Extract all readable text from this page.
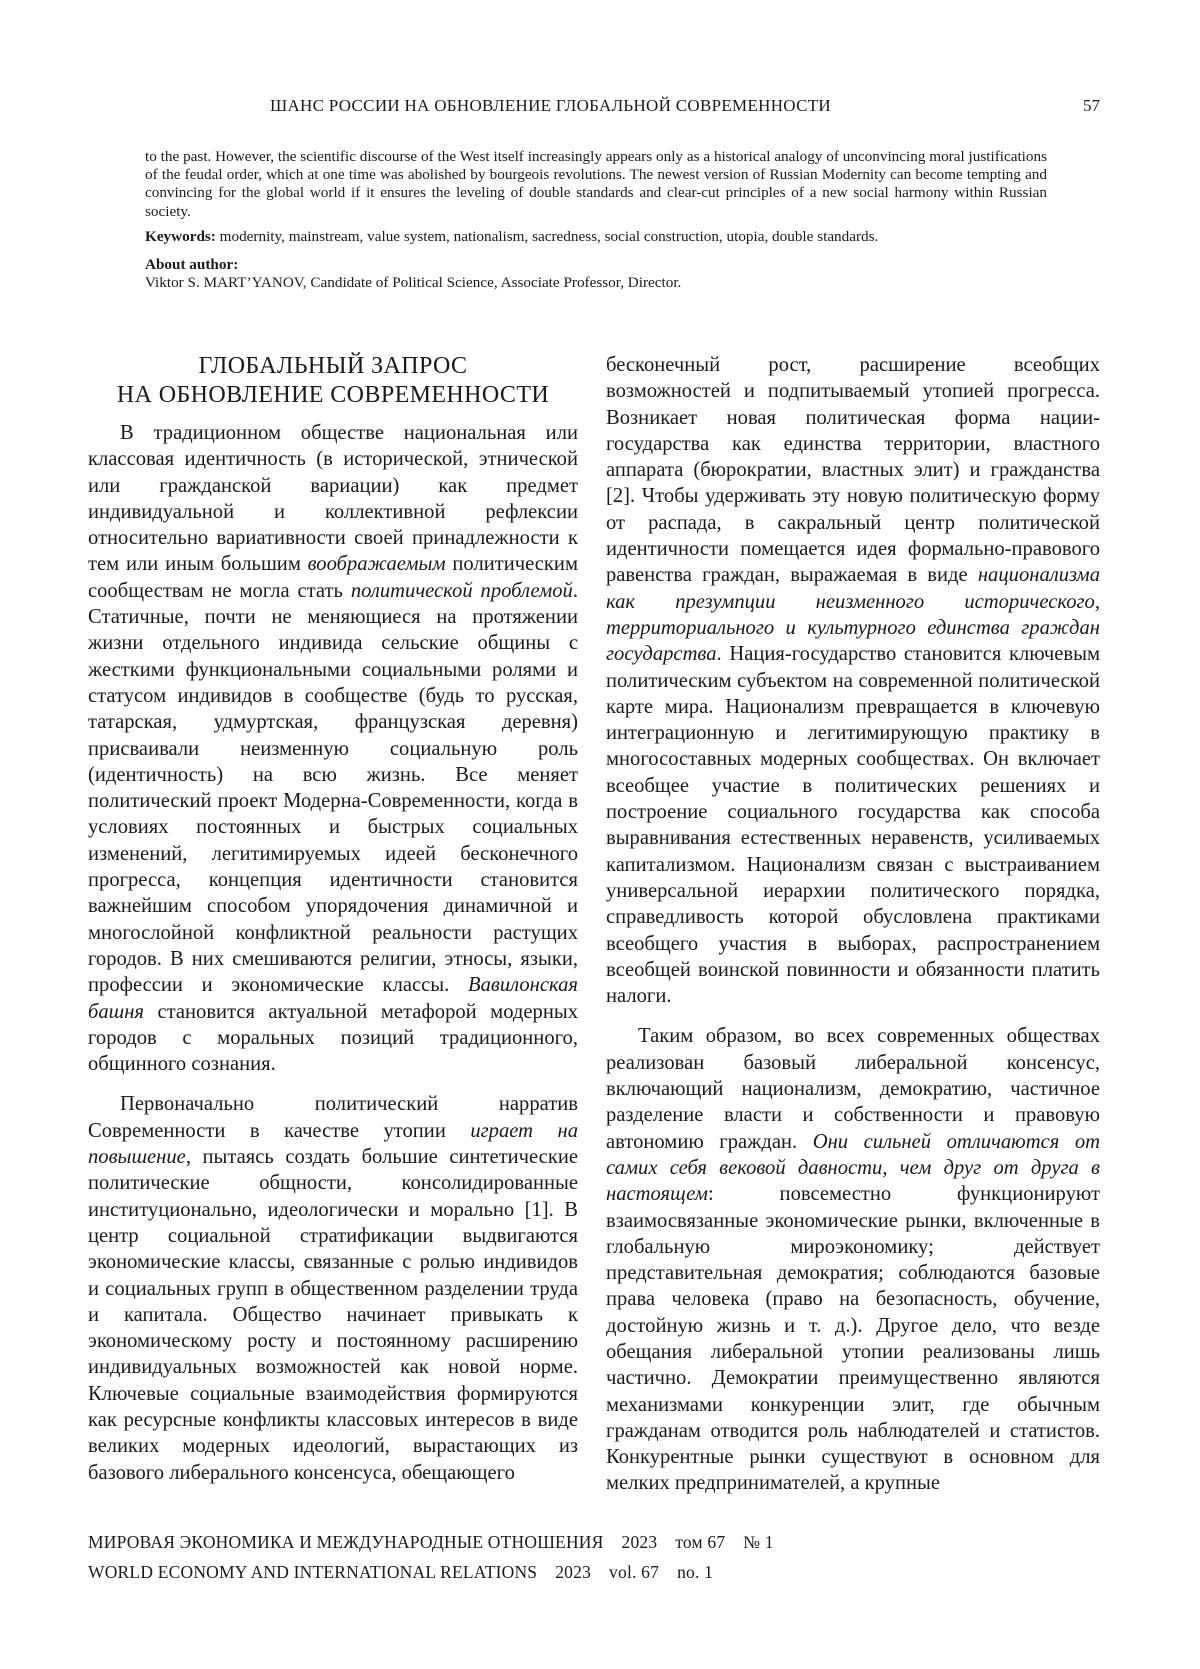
ШАНС РОССИИ НА ОБНОВЛЕНИЕ ГЛОБАЛЬНОЙ СОВРЕМЕННОСТИ	57

to the past. However, the scientific discourse of the West itself increasingly appears only as a historical analogy of unconvincing moral justifications of the feudal order, which at one time was abolished by bourgeois revolutions. The newest version of Russian Modernity can become tempting and convincing for the global world if it ensures the leveling of double standards and clear-cut principles of a new social harmony within Russian society.

Keywords: modernity, mainstream, value system, nationalism, sacredness, social construction, utopia, double standards.

About author:

Viktor S. MART’YANOV, Candidate of Political Science, Associate Professor, Director.

ГЛОБАЛЬНЫЙ ЗАПРОС
НА ОБНОВЛЕНИЕ СОВРЕМЕННОСТИ

В традиционном обществе национальная или классовая идентичность (в исторической, этнической или гражданской вариации) как предмет индивидуальной и коллективной рефлексии относительно вариативности своей принадлежности к тем или иным большим воображаемым политическим сообществам не могла стать политической проблемой. Статичные, почти не меняющиеся на протяжении жизни отдельного индивида сельские общины с жесткими функциональными социальными ролями и статусом индивидов в сообществе (будь то русская, татарская, удмуртская, французская деревня) присваивали неизменную социальную роль (идентичность) на всю жизнь. Все меняет политический проект Модерна-Современности, когда в условиях постоянных и быстрых социальных изменений, легитимируемых идеей бесконечного прогресса, концепция идентичности становится важнейшим способом упорядочения динамичной и многослойной конфликтной реальности растущих городов. В них смешиваются религии, этносы, языки, профессии и экономические классы. Вавилонская башня становится актуальной метафорой модерных городов с моральных позиций традиционного, общинного сознания.

Первоначально политический нарратив Современности в качестве утопии играет на повышение, пытаясь создать большие синтетические политические общности, консолидированные институционально, идеологически и морально [1]. В центр социальной стратификации выдвигаются экономические классы, связанные с ролью индивидов и социальных групп в общественном разделении труда и капитала. Общество начинает привыкать к экономическому росту и постоянному расширению индивидуальных возможностей как новой норме. Ключевые социальные взаимодействия формируются как ресурсные конфликты классовых интересов в виде великих модерных идеологий, вырастающих из базового либерального консенсуса, обещающего

бесконечный рост, расширение всеобщих возможностей и подпитываемый утопией прогресса. Возникает новая политическая форма нации-государства как единства территории, властного аппарата (бюрократии, властных элит) и гражданства [2]. Чтобы удерживать эту новую политическую форму от распада, в сакральный центр политической идентичности помещается идея формально-правового равенства граждан, выражаемая в виде национализма как презумпции неизменного исторического, территориального и культурного единства граждан государства. Нация-государство становится ключевым политическим субъектом на современной политической карте мира. Национализм превращается в ключевую интеграционную и легитимирующую практику в многосоставных модерных сообществах. Он включает всеобщее участие в политических решениях и построение социального государства как способа выравнивания естественных неравенств, усиливаемых капитализмом. Национализм связан с выстраиванием универсальной иерархии политического порядка, справедливость которой обусловлена практиками всеобщего участия в выборах, распространением всеобщей воинской повинности и обязанности платить налоги.

Таким образом, во всех современных обществах реализован базовый либеральной консенсус, включающий национализм, демократию, частичное разделение власти и собственности и правовую автономию граждан. Они сильней отличаются от самих себя вековой давности, чем друг от друга в настоящем: повсеместно функционируют взаимосвязанные экономические рынки, включенные в глобальную мироэкономику; действует представительная демократия; соблюдаются базовые права человека (право на безопасность, обучение, достойную жизнь и т. д.). Другое дело, что везде обещания либеральной утопии реализованы лишь частично. Демократии преимущественно являются механизмами конкуренции элит, где обычным гражданам отводится роль наблюдателей и статистов. Конкурентные рынки существуют в основном для мелких предпринимателей, а крупные

МИРОВАЯ ЭКОНОМИКА И МЕЖДУНАРОДНЫЕ ОТНОШЕНИЯ 2023 том 67 № 1
WORLD ECONOMY AND INTERNATIONAL RELATIONS 2023 vol. 67 no. 1
